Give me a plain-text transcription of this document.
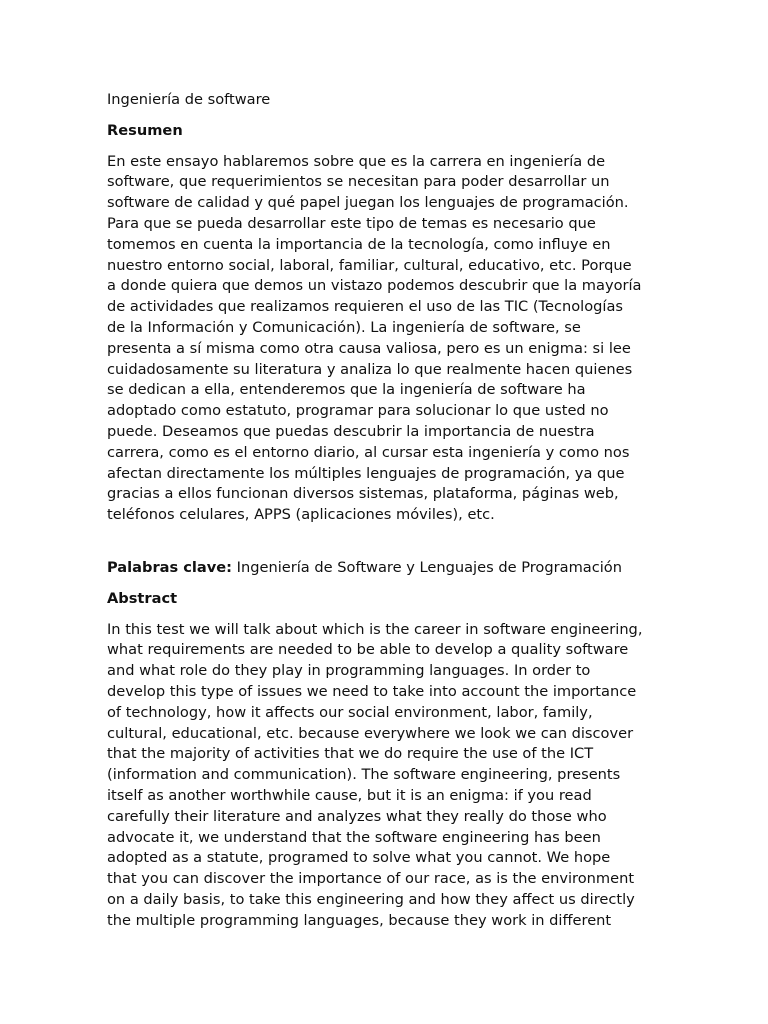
Ingeniería de software

Resumen

En este ensayo hablaremos sobre que es la carrera en ingeniería de
software, que requerimientos se necesitan para poder desarrollar un
software de calidad y qué papel juegan los lenguajes de programación.
Para que se pueda desarrollar este tipo de temas es necesario que
tomemos en cuenta la importancia de la tecnología, como influye en
nuestro entorno social, laboral, familiar, cultural, educativo, etc. Porque
a donde quiera que demos un vistazo podemos descubrir que la mayoría
de actividades que realizamos requieren el uso de las TIC (Tecnologías
de la Información y Comunicación). La ingeniería de software, se
presenta a sí misma como otra causa valiosa, pero es un enigma: si lee
cuidadosamente su literatura y analiza lo que realmente hacen quienes
se dedican a ella, entenderemos que la ingeniería de software ha
adoptado como estatuto, programar para solucionar lo que usted no
puede. Deseamos que puedas descubrir la importancia de nuestra
carrera, como es el entorno diario, al cursar esta ingeniería y como nos
afectan directamente los múltiples lenguajes de programación, ya que
gracias a ellos funcionan diversos sistemas, plataforma, páginas web,
teléfonos celulares, APPS (aplicaciones móviles), etc.

Palabras clave: Ingeniería de Software y Lenguajes de Programación

Abstract

In this test we will talk about which is the career in software engineering,
what requirements are needed to be able to develop a quality software
and what role do they play in programming languages. In order to
develop this type of issues we need to take into account the importance
of technology, how it affects our social environment, labor, family,
cultural, educational, etc. because everywhere we look we can discover
that the majority of activities that we do require the use of the ICT
(information and communication). The software engineering, presents
itself as another worthwhile cause, but it is an enigma: if you read
carefully their literature and analyzes what they really do those who
advocate it, we understand that the software engineering has been
adopted as a statute, programed to solve what you cannot. We hope
that you can discover the importance of our race, as is the environment
on a daily basis, to take this engineering and how they affect us directly
the multiple programming languages, because they work in different
